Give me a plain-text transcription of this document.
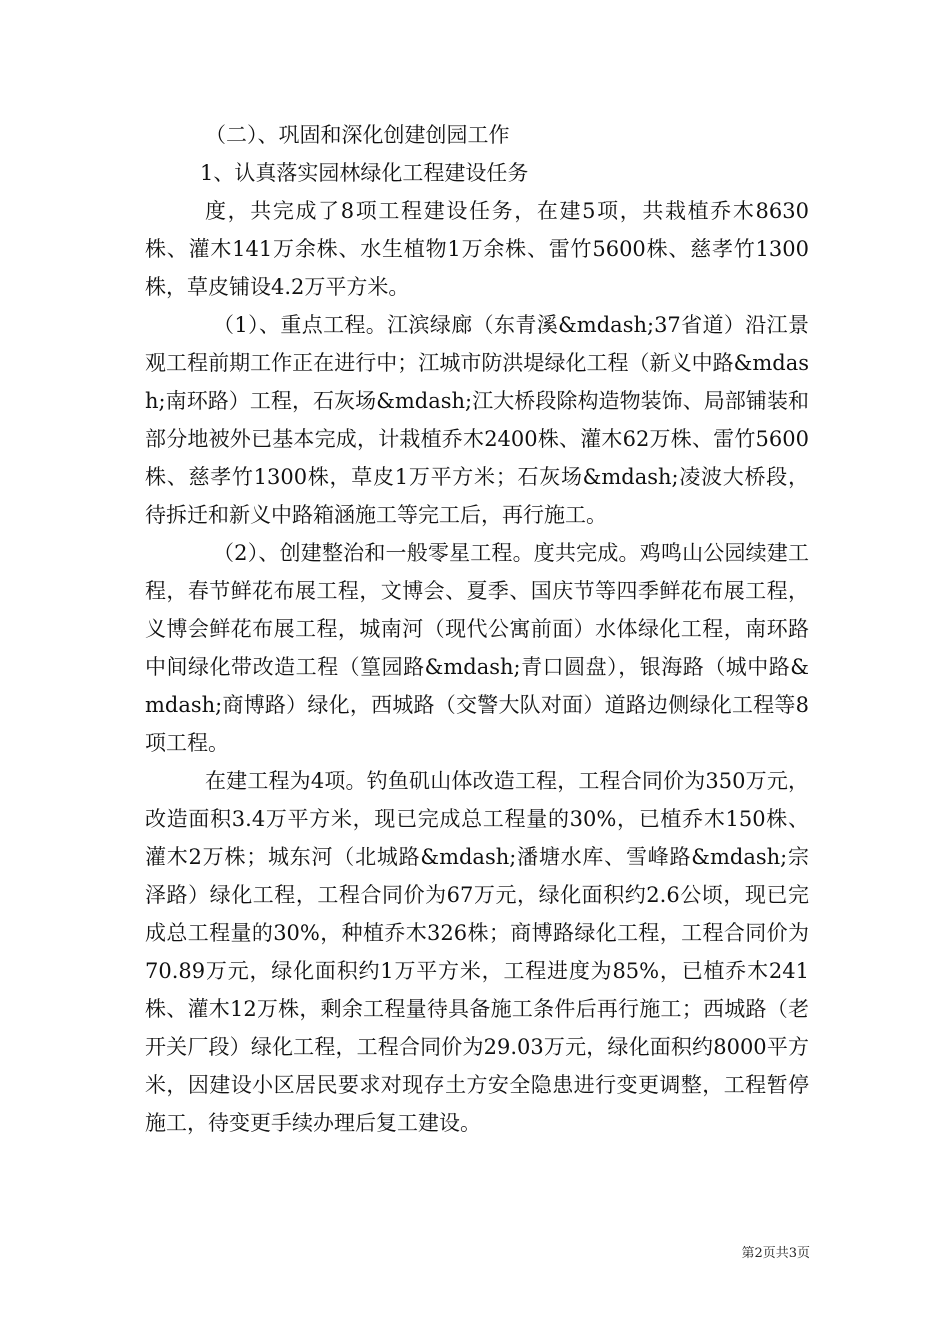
（二）、巩固和深化创建创园工作

1、认真落实园林绿化工程建设任务

度，共完成了8项工程建设任务，在建5项，共栽植乔木8630株、灌木141万余株、水生植物1万余株、雷竹5600株、慈孝竹1300株，草皮铺设4.2万平方米。

（1）、重点工程。江滨绿廊（东青溪&mdash;37省道）沿江景观工程前期工作正在进行中；江城市防洪堤绿化工程（新义中路&mdash;南环路）工程，石灰场&mdash;江大桥段除构造物装饰、局部铺装和部分地被外已基本完成，计栽植乔木2400株、灌木62万株、雷竹5600株、慈孝竹1300株，草皮1万平方米；石灰场&mdash;凌波大桥段，待拆迁和新义中路箱涵施工等完工后，再行施工。

（2）、创建整治和一般零星工程。度共完成。鸡鸣山公园续建工程，春节鲜花布展工程，文博会、夏季、国庆节等四季鲜花布展工程，义博会鲜花布展工程，城南河（现代公寓前面）水体绿化工程，南环路中间绿化带改造工程（篁园路&mdash;青口圆盘），银海路（城中路&mdash;商博路）绿化，西城路（交警大队对面）道路边侧绿化工程等8项工程。

在建工程为4项。钓鱼矶山体改造工程，工程合同价为350万元，改造面积3.4万平方米，现已完成总工程量的30%，已植乔木150株、灌木2万株；城东河（北城路&mdash;潘塘水库、雪峰路&mdash;宗泽路）绿化工程，工程合同价为67万元，绿化面积约2.6公顷，现已完成总工程量的30%，种植乔木326株；商博路绿化工程，工程合同价为70.89万元，绿化面积约1万平方米，工程进度为85%，已植乔木241株、灌木12万株，剩余工程量待具备施工条件后再行施工；西城路（老开关厂段）绿化工程，工程合同价为29.03万元，绿化面积约8000平方米，因建设小区居民要求对现存土方安全隐患进行变更调整，工程暂停施工，待变更手续办理后复工建设。

第2页共3页
